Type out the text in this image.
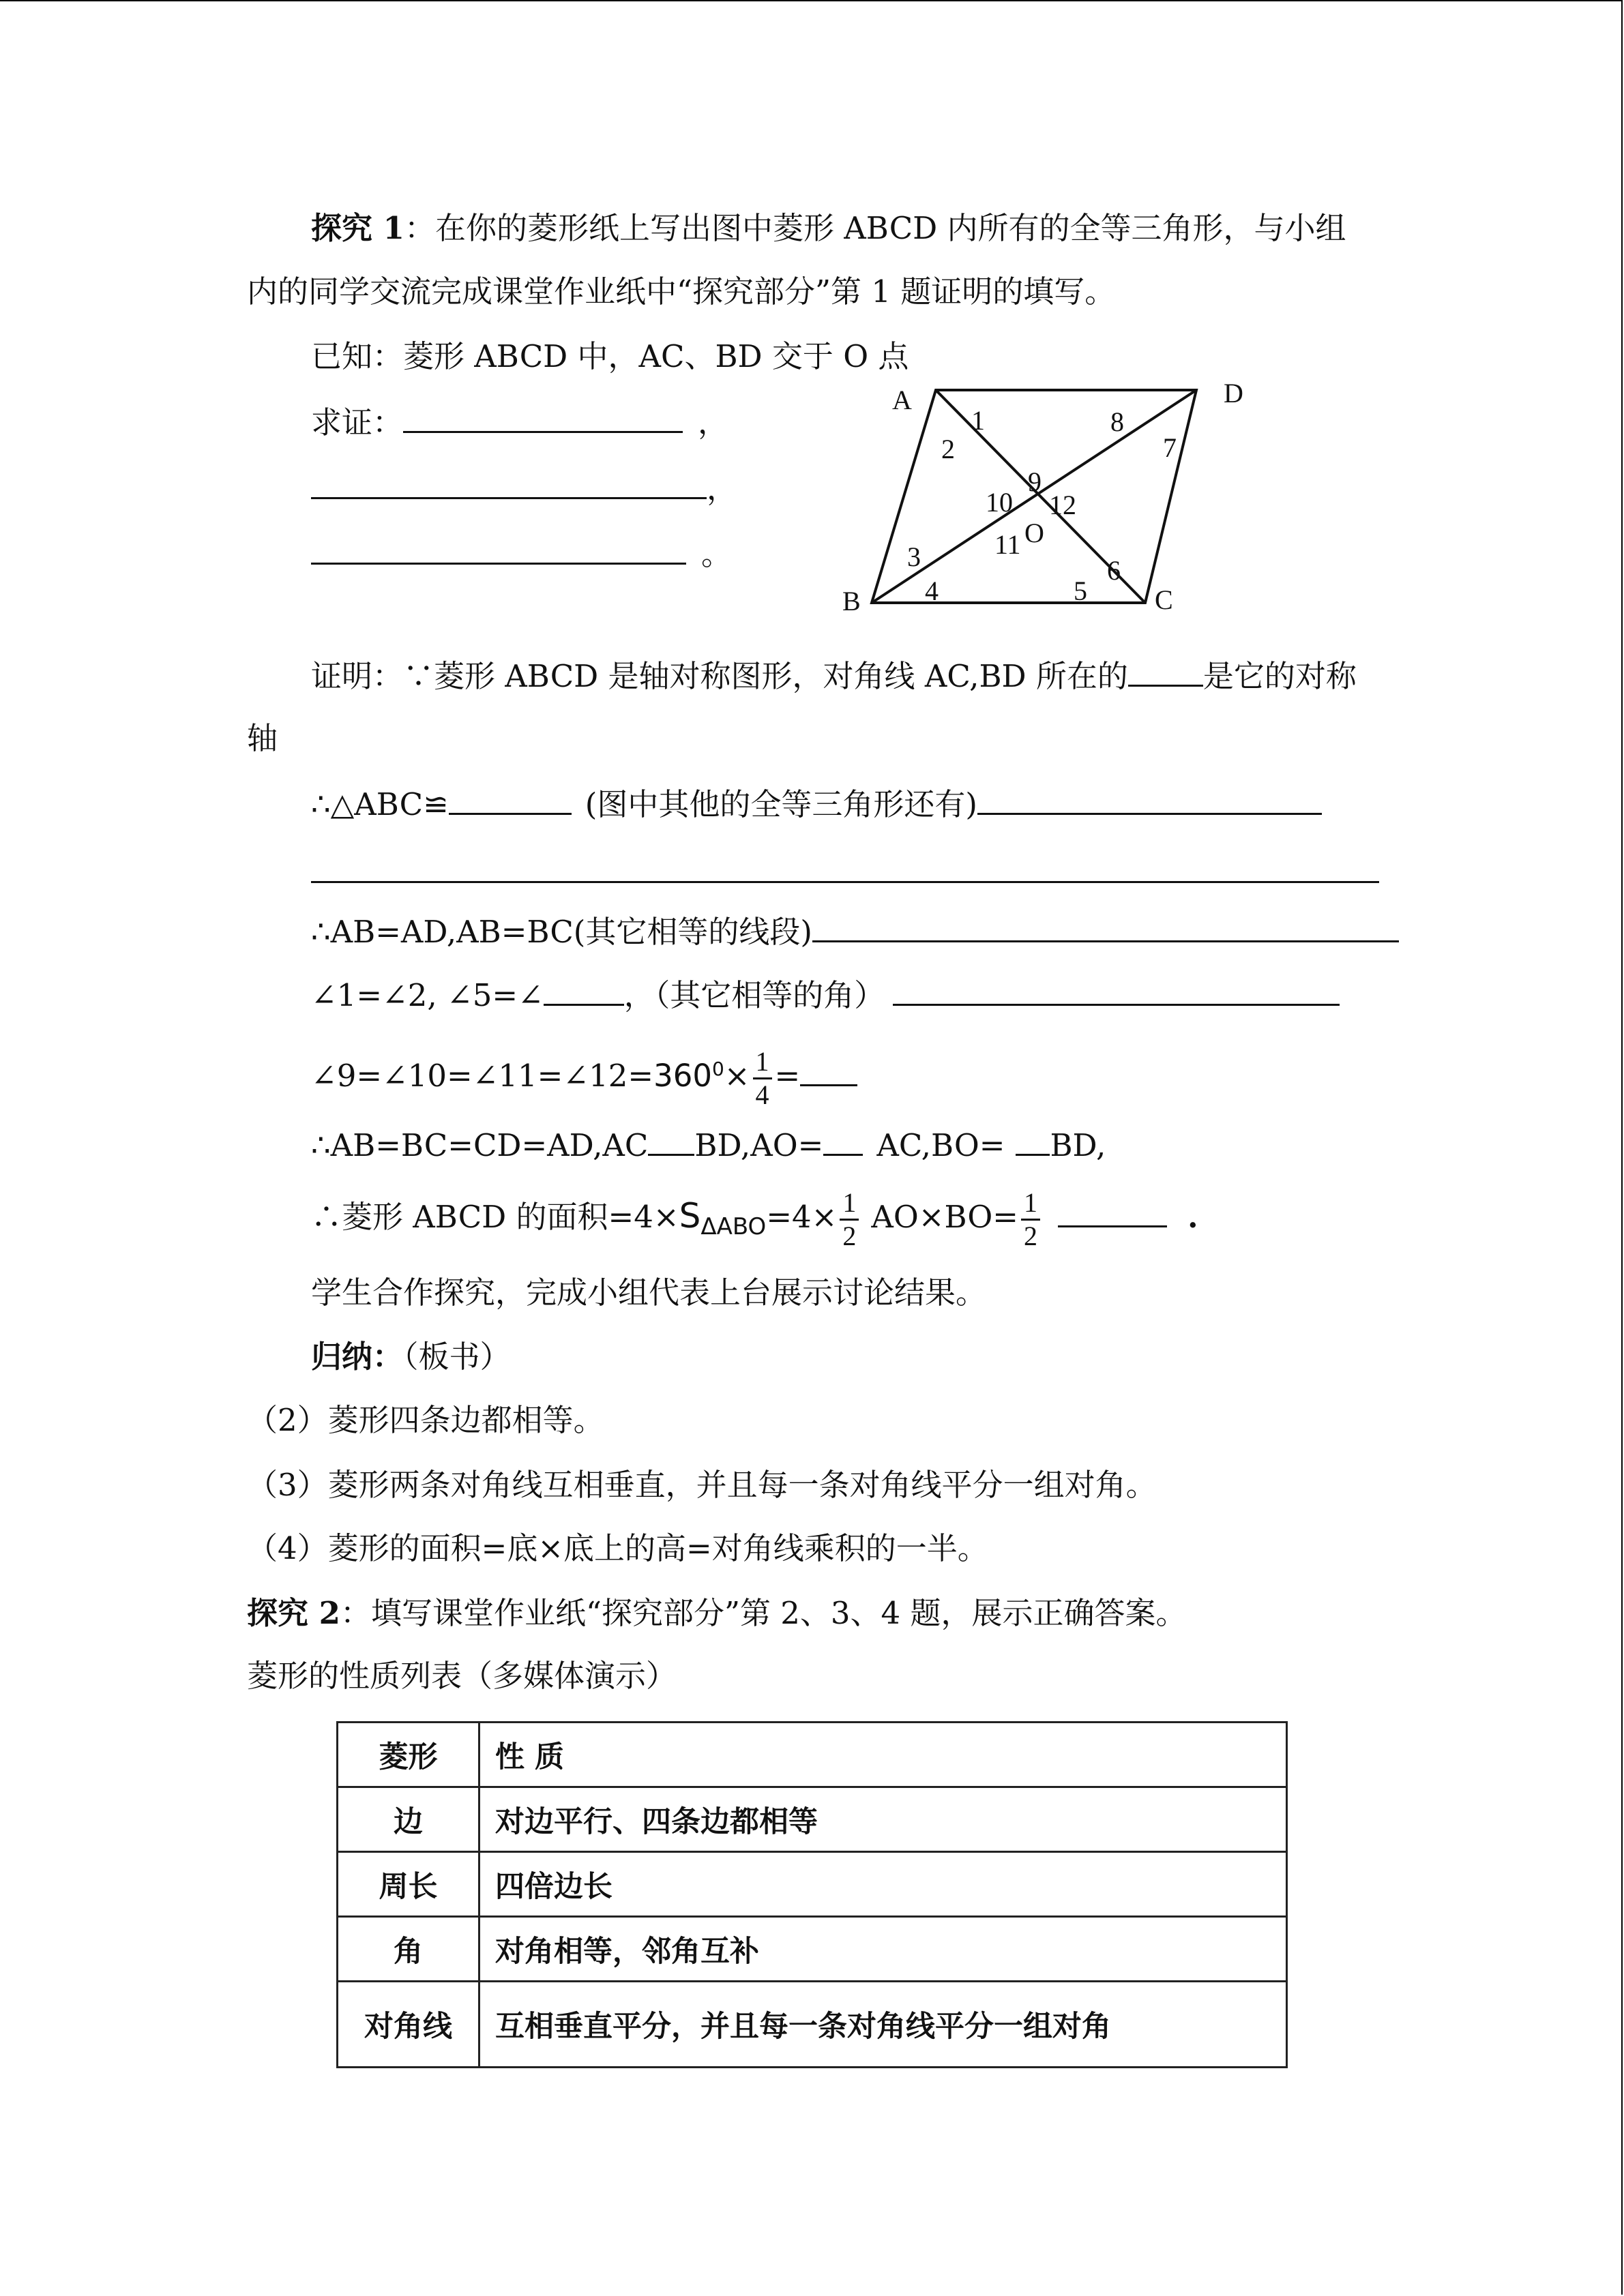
探究 1：在你的菱形纸上写出图中菱形 ABCD 内所有的全等三角形，与小组
内的同学交流完成课堂作业纸中“探究部分”第 1 题证明的填写。
已知：菱形 ABCD 中，AC、BD 交于 O 点
求证：	，
，
。
A	D
B	C
O
1
2
3
4	5
6
7
8
9
10
11
12
证明：∵菱形 ABCD 是轴对称图形，对角线 AC,BD 所在的 是它的对称
轴
∴△ABC≌	(图中其他的全等三角形还有)
∴AB=AD,AB=BC(其它相等的线段)
∠1=∠2, ∠5=∠	，（其它相等的角）
$\angle 9=\angle 10=\angle 11=\angle 12=360^0\times \frac{1}{4}$ =
∴AB=BC=CD=AD,AC BD,AO= AC,BO= BD,
∴菱形 ABCD 的面积$=4\times S_{\Delta ABO}=4\times \frac{1}{2} AO\times BO= \frac{1}{2}$	.
学生合作探究，完成小组代表上台展示讨论结果。
归纳：（板书）
（2）菱形四条边都相等。
（3）菱形两条对角线互相垂直，并且每一条对角线平分一组对角。
（4）菱形的面积=底×底上的高=对角线乘积的一半。
探究 2：填写课堂作业纸“探究部分”第 2、3、4 题，展示正确答案。
菱形的性质列表（多媒体演示）
菱形	性 质
边	对边平行、四条边都相等
周长	四倍边长
角	对角相等，邻角互补
对角线	互相垂直平分，并且每一条对角线平分一组对角
